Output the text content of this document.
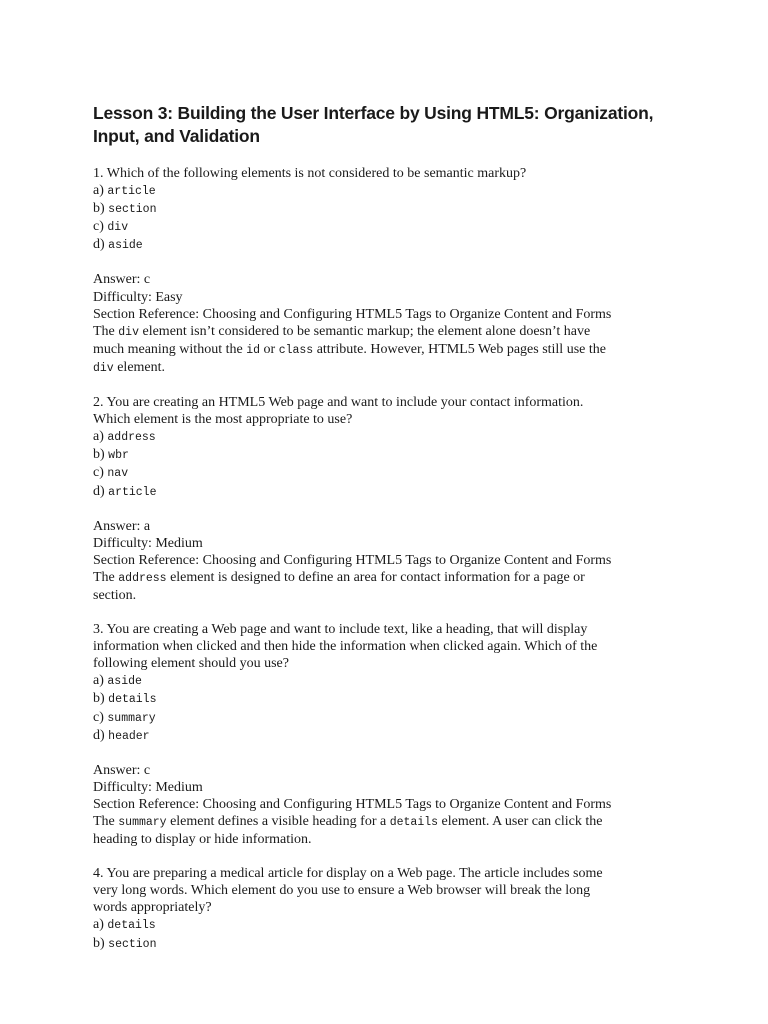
Lesson 3: Building the User Interface by Using HTML5: Organization,
Input, and Validation
1. Which of the following elements is not considered to be semantic markup?
a) article
b) section
c) div
d) aside
Answer: c
Difficulty: Easy
Section Reference: Choosing and Configuring HTML5 Tags to Organize Content and Forms
The div element isn’t considered to be semantic markup; the element alone doesn’t have
much meaning without the id or class attribute. However, HTML5 Web pages still use the
div element.
2. You are creating an HTML5 Web page and want to include your contact information.
Which element is the most appropriate to use?
a) address
b) wbr
c) nav
d) article
Answer: a
Difficulty: Medium
Section Reference: Choosing and Configuring HTML5 Tags to Organize Content and Forms
The address element is designed to define an area for contact information for a page or
section.
3. You are creating a Web page and want to include text, like a heading, that will display
information when clicked and then hide the information when clicked again. Which of the
following element should you use?
a) aside
b) details
c) summary
d) header
Answer: c
Difficulty: Medium
Section Reference: Choosing and Configuring HTML5 Tags to Organize Content and Forms
The summary element defines a visible heading for a details element. A user can click the
heading to display or hide information.
4. You are preparing a medical article for display on a Web page. The article includes some
very long words. Which element do you use to ensure a Web browser will break the long
words appropriately?
a) details
b) section
